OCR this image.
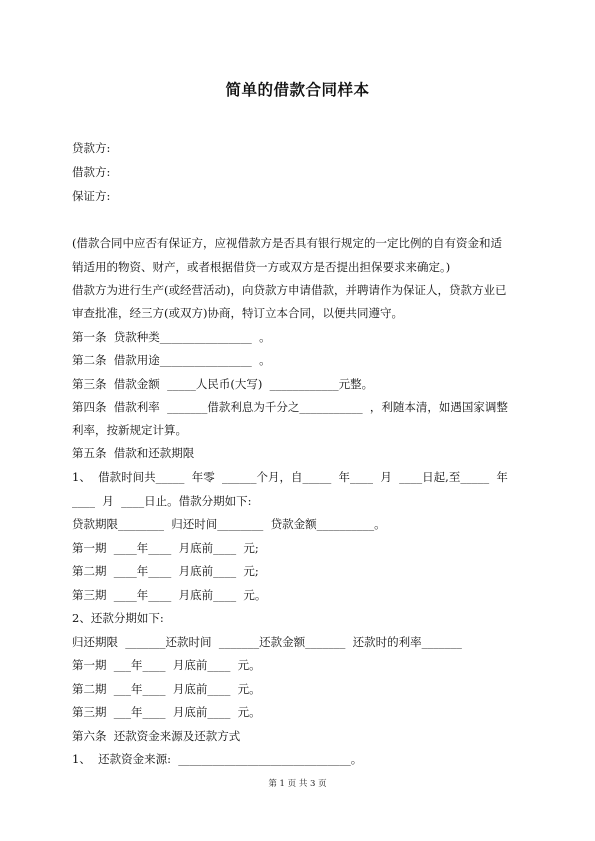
简单的借款合同样本
贷款方:
借款方:
保证方:
(借款合同中应否有保证方，应视借款方是否具有银行规定的一定比例的自有资金和适
销适用的物资、财产，或者根据借贷一方或双方是否提出担保要求来确定。)
借款方为进行生产(或经营活动)，向贷款方申请借款，并聘请作为保证人，贷款方业已
审查批准，经三方(或双方)协商，特订立本合同，以便共同遵守。
第一条  贷款种类________________  。
第二条  借款用途________________  。
第三条  借款金额  _____人民币(大写)  ____________元整。
第四条  借款利率  _______借款利息为千分之___________  ，利随本清，如遇国家调整
利率，按新规定计算。
第五条  借款和还款期限
1、  借款时间共_____  年零  ______个月，自_____  年____  月  ____日起,至_____  年
____  月  ____日止。借款分期如下:
贷款期限________  归还时间________  贷款金额__________。
第一期  ____年____  月底前____  元;
第二期  ____年____  月底前____  元;
第三期  ____年____  月底前____  元。
2、还款分期如下:
归还期限  _______还款时间  _______还款金额_______  还款时的利率_______
第一期  ___年____  月底前____  元。
第二期  ___年____  月底前____  元。
第三期  ___年____  月底前____  元。
第六条  还款资金来源及还款方式
1、  还款资金来源:  ______________________________。
第 1 页 共 3 页
